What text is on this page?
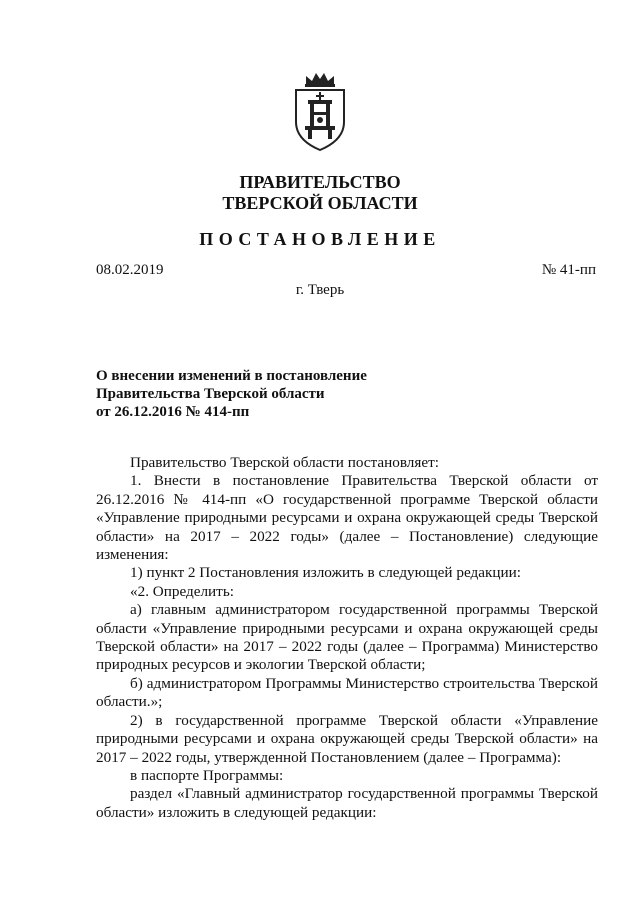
ПРАВИТЕЛЬСТВО
ТВЕРСКОЙ ОБЛАСТИ
ПОСТАНОВЛЕНИЕ
08.02.2019	№ 41-пп
г. Тверь
О внесении изменений в постановление
Правительства Тверской области
от 26.12.2016 № 414-пп

Правительство Тверской области постановляет:

1. Внести в постановление Правительства Тверской области от 26.12.2016 № 414-пп «О государственной программе Тверской области «Управление природными ресурсами и охрана окружающей среды Тверской области» на 2017 – 2022 годы» (далее – Постановление) следующие изменения:

1) пункт 2 Постановления изложить в следующей редакции:

«2. Определить:

а) главным администратором государственной программы Тверской области «Управление природными ресурсами и охрана окружающей среды Тверской области» на 2017 – 2022 годы (далее – Программа) Министерство природных ресурсов и экологии Тверской области;

б) администратором Программы Министерство строительства Тверской области.»;

2) в государственной программе Тверской области «Управление природными ресурсами и охрана окружающей среды Тверской области» на 2017 – 2022 годы, утвержденной Постановлением (далее – Программа):

в паспорте Программы:

раздел «Главный администратор государственной программы Тверской области» изложить в следующей редакции:
